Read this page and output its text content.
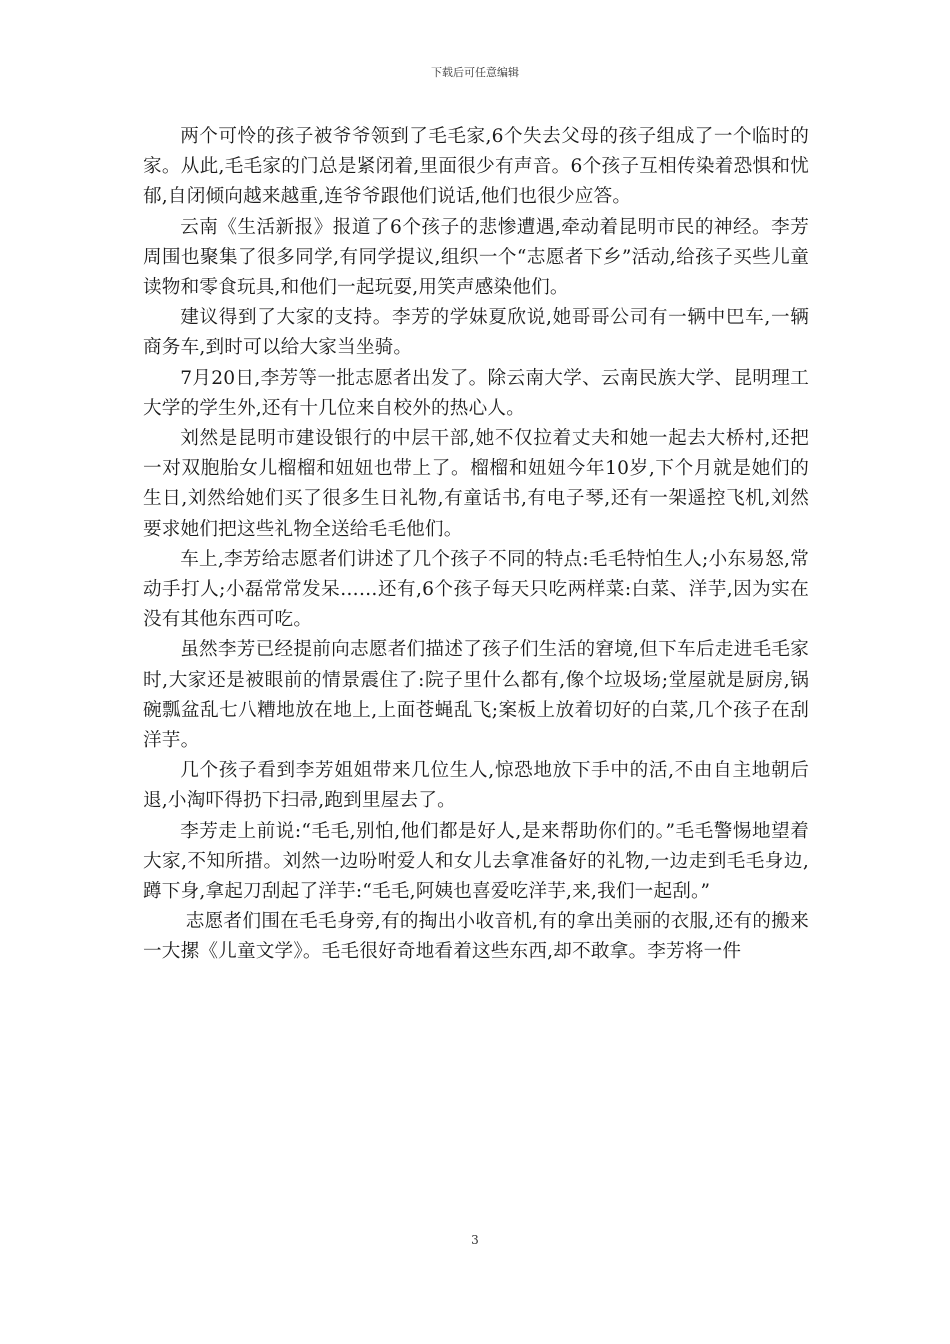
下载后可任意编辑

两个可怜的孩子被爷爷领到了毛毛家,6个失去父母的孩子组成了一个临时的家。从此,毛毛家的门总是紧闭着,里面很少有声音。6个孩子互相传染着恐惧和忧郁,自闭倾向越来越重,连爷爷跟他们说话,他们也很少应答。

云南《生活新报》报道了6个孩子的悲惨遭遇,牵动着昆明市民的神经。李芳周围也聚集了很多同学,有同学提议,组织一个“志愿者下乡”活动,给孩子买些儿童读物和零食玩具,和他们一起玩耍,用笑声感染他们。

建议得到了大家的支持。李芳的学妹夏欣说,她哥哥公司有一辆中巴车,一辆商务车,到时可以给大家当坐骑。

7月20日,李芳等一批志愿者出发了。除云南大学、云南民族大学、昆明理工大学的学生外,还有十几位来自校外的热心人。

刘然是昆明市建设银行的中层干部,她不仅拉着丈夫和她一起去大桥村,还把一对双胞胎女儿榴榴和妞妞也带上了。榴榴和妞妞今年10岁,下个月就是她们的生日,刘然给她们买了很多生日礼物,有童话书,有电子琴,还有一架遥控飞机,刘然要求她们把这些礼物全送给毛毛他们。

车上,李芳给志愿者们讲述了几个孩子不同的特点:毛毛特怕生人;小东易怒,常动手打人;小磊常常发呆……还有,6个孩子每天只吃两样菜:白菜、洋芋,因为实在没有其他东西可吃。

虽然李芳已经提前向志愿者们描述了孩子们生活的窘境,但下车后走进毛毛家时,大家还是被眼前的情景震住了:院子里什么都有,像个垃圾场;堂屋就是厨房,锅碗瓢盆乱七八糟地放在地上,上面苍蝇乱飞;案板上放着切好的白菜,几个孩子在刮洋芋。

几个孩子看到李芳姐姐带来几位生人,惊恐地放下手中的活,不由自主地朝后退,小淘吓得扔下扫帚,跑到里屋去了。

李芳走上前说:“毛毛,别怕,他们都是好人,是来帮助你们的。”毛毛警惕地望着大家,不知所措。刘然一边吩咐爱人和女儿去拿准备好的礼物,一边走到毛毛身边,蹲下身,拿起刀刮起了洋芋:“毛毛,阿姨也喜爱吃洋芋,来,我们一起刮。”

志愿者们围在毛毛身旁,有的掏出小收音机,有的拿出美丽的衣服,还有的搬来一大摞《儿童文学》。毛毛很好奇地看着这些东西,却不敢拿。李芳将一件

3
